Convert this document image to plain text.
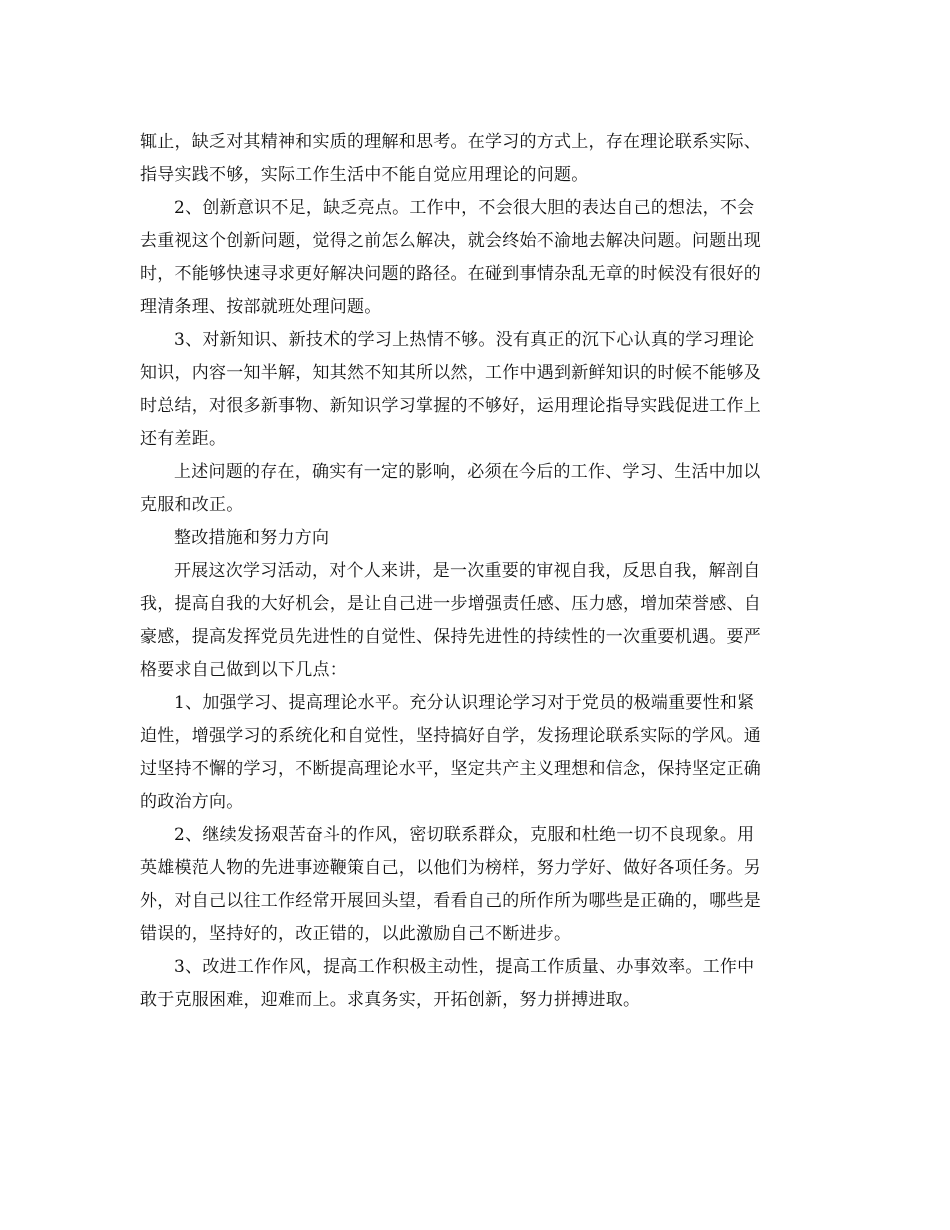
辄止，缺乏对其精神和实质的理解和思考。在学习的方式上，存在理论联系实际、
指导实践不够，实际工作生活中不能自觉应用理论的问题。
2、创新意识不足，缺乏亮点。工作中，不会很大胆的表达自己的想法，不会
去重视这个创新问题，觉得之前怎么解决，就会终始不渝地去解决问题。问题出现
时，不能够快速寻求更好解决问题的路径。在碰到事情杂乱无章的时候没有很好的
理清条理、按部就班处理问题。
3、对新知识、新技术的学习上热情不够。没有真正的沉下心认真的学习理论
知识，内容一知半解，知其然不知其所以然，工作中遇到新鲜知识的时候不能够及
时总结，对很多新事物、新知识学习掌握的不够好，运用理论指导实践促进工作上
还有差距。
上述问题的存在，确实有一定的影响，必须在今后的工作、学习、生活中加以
克服和改正。
整改措施和努力方向
开展这次学习活动，对个人来讲，是一次重要的审视自我，反思自我，解剖自
我，提高自我的大好机会，是让自己进一步增强责任感、压力感，增加荣誉感、自
豪感，提高发挥党员先进性的自觉性、保持先进性的持续性的一次重要机遇。要严
格要求自己做到以下几点：
1、加强学习、提高理论水平。充分认识理论学习对于党员的极端重要性和紧
迫性，增强学习的系统化和自觉性，坚持搞好自学，发扬理论联系实际的学风。通
过坚持不懈的学习，不断提高理论水平，坚定共产主义理想和信念，保持坚定正确
的政治方向。
2、继续发扬艰苦奋斗的作风，密切联系群众，克服和杜绝一切不良现象。用
英雄模范人物的先进事迹鞭策自己，以他们为榜样，努力学好、做好各项任务。另
外，对自己以往工作经常开展回头望，看看自己的所作所为哪些是正确的，哪些是
错误的，坚持好的，改正错的，以此激励自己不断进步。
3、改进工作作风，提高工作积极主动性，提高工作质量、办事效率。工作中
敢于克服困难，迎难而上。求真务实，开拓创新，努力拼搏进取。
